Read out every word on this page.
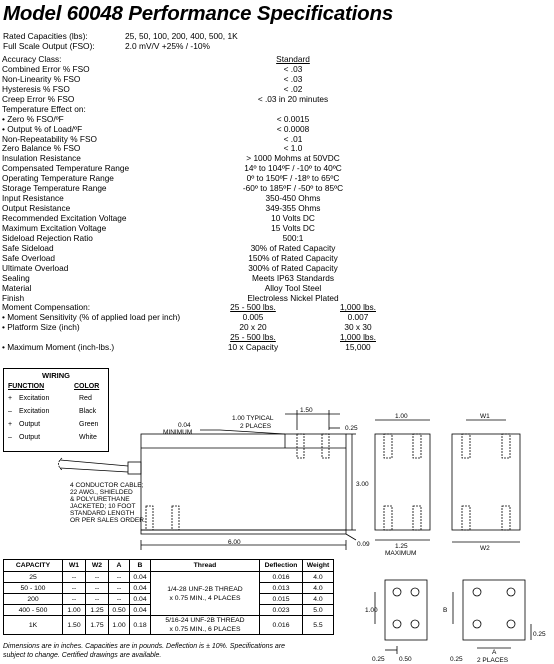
Model 60048 Performance Specifications
Rated Capacities (lbs):	25, 50, 100, 200, 400, 500, 1K
Full Scale Output (FSO):	2.0 mV/V +25% / -10%
Accuracy Class:	Standard
Combined Error % FSO	< .03
Non-Linearity % FSO	< .03
Hysteresis % FSO	< .02
Creep Error % FSO	< .03 in 20 minutes
Temperature Effect on:
• Zero % FSO/ºF	< 0.0015
• Output % of Load/ºF	< 0.0008
Non-Repeatability % FSO	< .01
Zero Balance % FSO	< 1.0
Insulation Resistance	> 1000 Mohms at 50VDC
Compensated Temperature Range	14º to 104ºF / -10º to 40ºC
Operating Temperature Range	0º to 150ºF / -18º to 65ºC
Storage Temperature Range	-60º to 185ºF / -50º to 85ºC
Input Resistance	350-450 Ohms
Output Resistance	349-355 Ohms
Recommended Excitation Voltage	10 Volts DC
Maximum Excitation Voltage	15 Volts DC
Sideload Rejection Ratio	500:1
Safe Sideload	30% of Rated Capacity
Safe Overload	150% of Rated Capacity
Ultimate Overload	300% of Rated Capacity
Sealing	Meets IP63 Standards
Material	Alloy Tool Steel
Finish	Electroless Nickel Plated
Moment Compensation:	25 - 500 lbs.	1,000 lbs.
• Moment Sensitivity (% of applied load per inch)	0.005	0.007
• Platform Size (inch)	20 x 20	30 x 30
25 - 500 lbs.	1,000 lbs.
• Maximum Moment (inch-lbs.)	10 x Capacity	15,000
WIRING
FUNCTION	COLOR
+ Excitation	Red
– Excitation	Black
+ Output	Green
– Output	White
0.04
MINIMUM
1.00 TYPICAL
2 PLACES
1.50
0.25
3.00
6.00	0.09
1.00
1.25
MAXIMUM
W1
W2
4 CONDUCTOR CABLE;
22 AWG., SHIELDED
& POLYURETHANE
JACKETED; 10 FOOT
STANDARD LENGTH
OR PER SALES ORDER.
1.00
0.25 0.50
B
0.25
A
2 PLACES
0.25
CAPACITY	W1	W2	A	B	Thread	Deflection	Weight
25	--	--	--	0.04	1/4-28 UNF-2B THREAD
x 0.75 MIN., 4 PLACES	0.016	4.0
50 - 100	--	--	--	0.04		0.013	4.0
200	--	--	--	0.04		0.015	4.0
400 - 500	1.00	1.25	0.50	0.04		0.023	5.0
1K	1.50	1.75	1.00	0.18	5/16-24 UNF-2B THREAD
x 0.75 MIN., 6 PLACES	0.016	5.5
Dimensions are in inches. Capacities are in pounds. Deflection is ± 10%. Specifications are
subject to change. Certified drawings are available.
